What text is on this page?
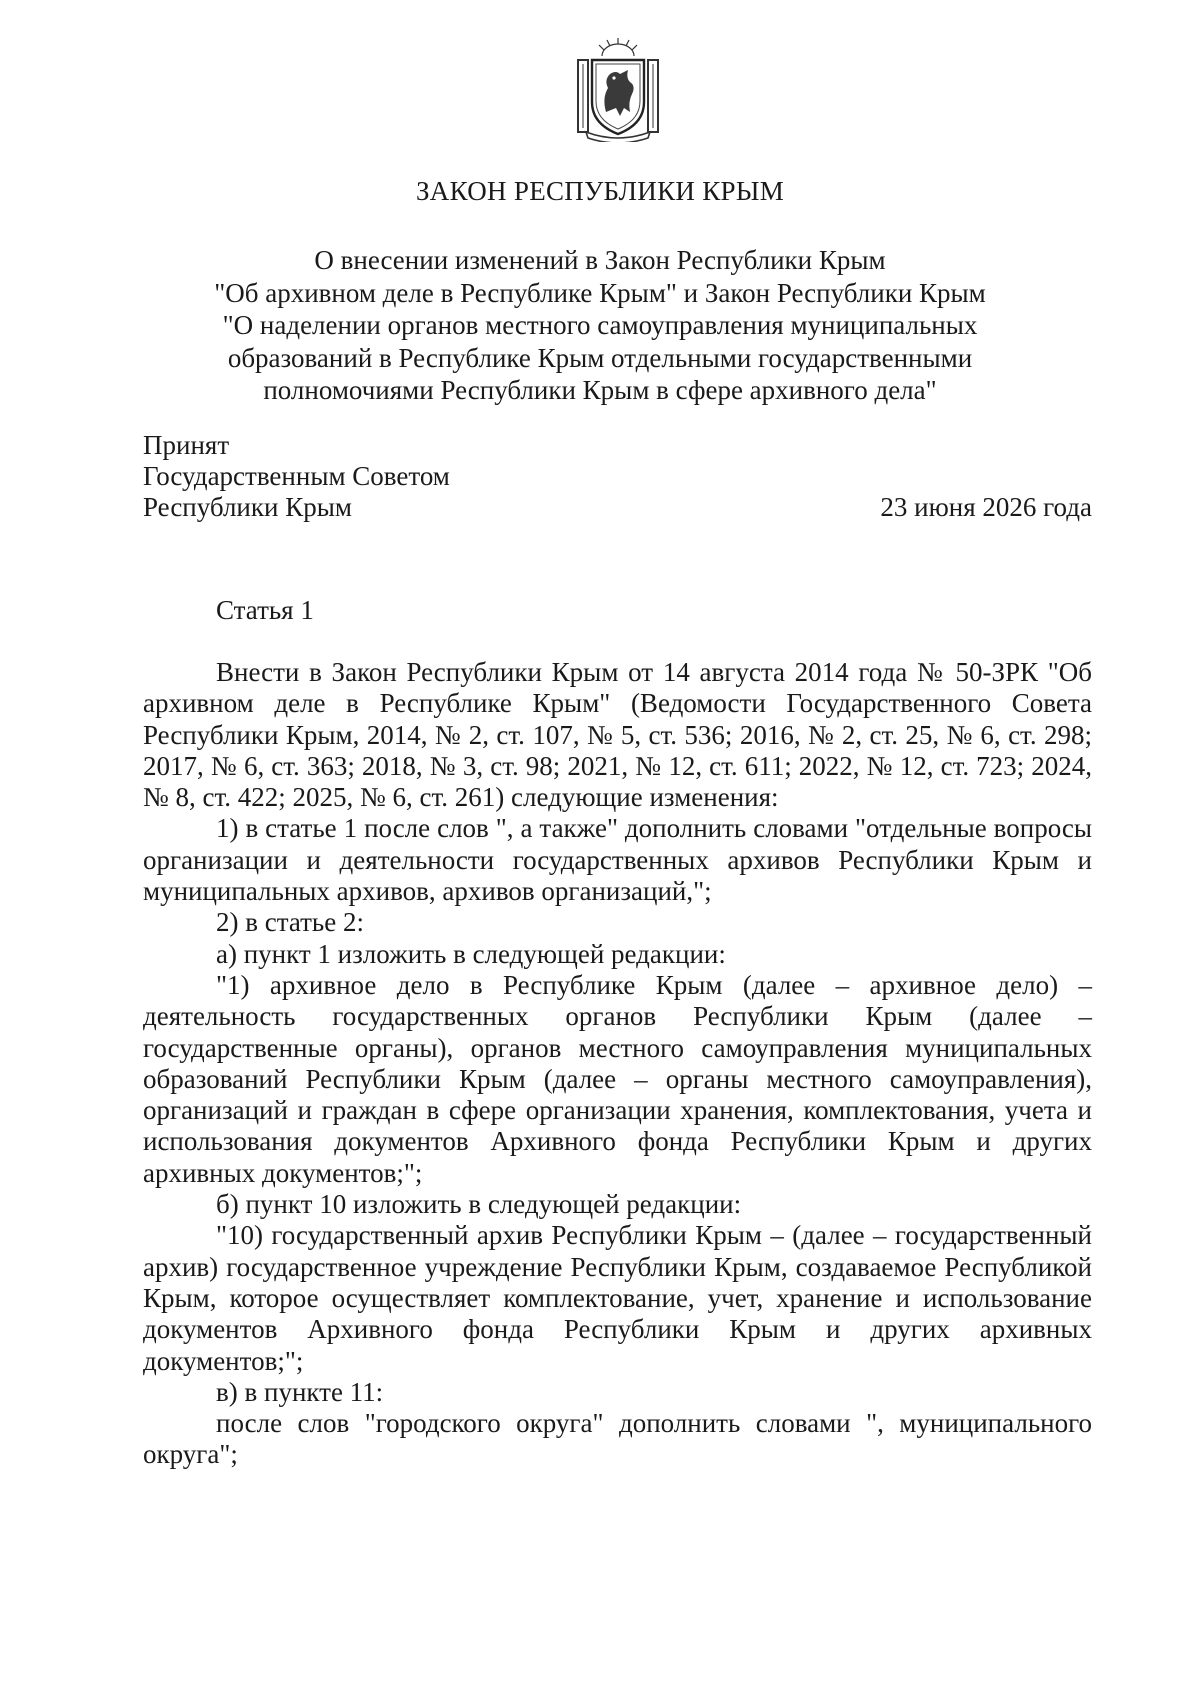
ЗАКОН РЕСПУБЛИКИ КРЫМ
О внесении изменений в Закон Республики Крым
"Об архивном деле в Республике Крым" и Закон Республики Крым
"О наделении органов местного самоуправления муниципальных
образований в Республике Крым отдельными государственными
полномочиями Республики Крым в сфере архивного дела"
Принят
Государственным Советом
Республики Крым	23 июня 2026 года
Статья 1

Внести в Закон Республики Крым от 14 августа 2014 года № 50-ЗРК "Об архивном деле в Республике Крым" (Ведомости Государственного Совета Республики Крым, 2014, № 2, ст. 107, № 5, ст. 536; 2016, № 2, ст. 25, № 6, ст. 298; 2017, № 6, ст. 363; 2018, № 3, ст. 98; 2021, № 12, ст. 611; 2022, № 12, ст. 723; 2024, № 8, ст. 422; 2025, № 6, ст. 261) следующие изменения:

1) в статье 1 после слов ", а также" дополнить словами "отдельные вопросы организации и деятельности государственных архивов Республики Крым и муниципальных архивов, архивов организаций,";

2) в статье 2:

а) пункт 1 изложить в следующей редакции:

"1) архивное дело в Республике Крым (далее – архивное дело) – деятельность государственных органов Республики Крым (далее – государственные органы), органов местного самоуправления муниципальных образований Республики Крым (далее – органы местного самоуправления), организаций и граждан в сфере организации хранения, комплектования, учета и использования документов Архивного фонда Республики Крым и других архивных документов;";

б) пункт 10 изложить в следующей редакции:

"10) государственный архив Республики Крым – (далее – государственный архив) государственное учреждение Республики Крым, создаваемое Республикой Крым, которое осуществляет комплектование, учет, хранение и использование документов Архивного фонда Республики Крым и других архивных документов;";

в) в пункте 11:

после слов "городского округа" дополнить словами ", муниципального округа";
